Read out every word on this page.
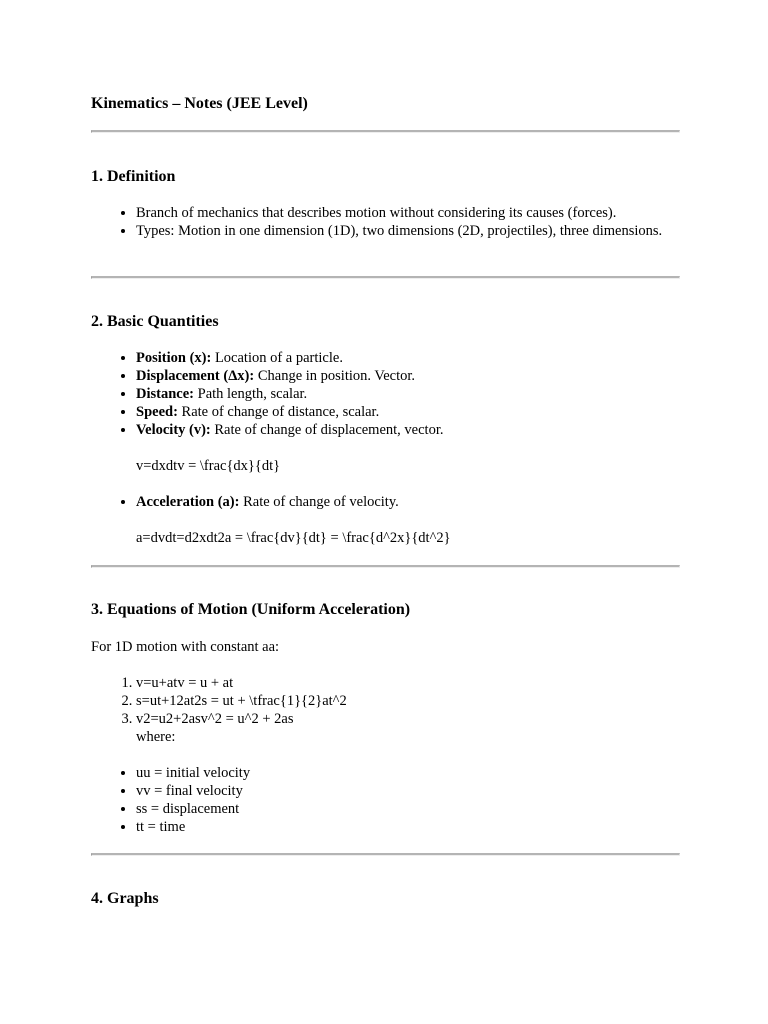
Kinematics – Notes (JEE Level)
1. Definition
• Branch of mechanics that describes motion without considering its causes (forces).
• Types: Motion in one dimension (1D), two dimensions (2D, projectiles), three dimensions.
2. Basic Quantities
• Position (x): Location of a particle.
• Displacement (Δx): Change in position. Vector.
• Distance: Path length, scalar.
• Speed: Rate of change of distance, scalar.
• Velocity (v): Rate of change of displacement, vector.

v=dxdtv = \frac{dx}{dt}

• Acceleration (a): Rate of change of velocity.

a=dvdt=d2xdt2a = \frac{dv}{dt} = \frac{d^2x}{dt^2}

3. Equations of Motion (Uniform Acceleration)

For 1D motion with constant aa:

1. v=u+atv = u + at
2. s=ut+12at2s = ut + \tfrac{1}{2}at^2
3. v2=u2+2asv^2 = u^2 + 2as
where:
• uu = initial velocity
• vv = final velocity
• ss = displacement
• tt = time
4. Graphs
